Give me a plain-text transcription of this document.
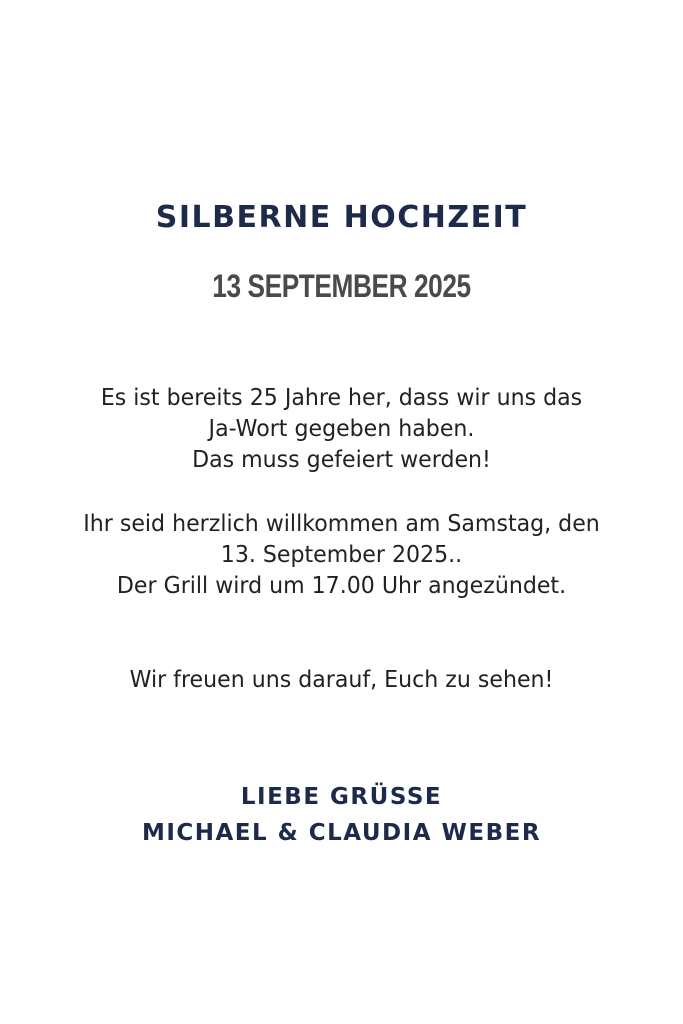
SILBERNE HOCHZEIT
13 SEPTEMBER 2025

Es ist bereits 25 Jahre her, dass wir uns das
Ja-Wort gegeben haben.
Das muss gefeiert werden!

Ihr seid herzlich willkommen am Samstag, den
13. September 2025..
Der Grill wird um 17.00 Uhr angezündet.

Wir freuen uns darauf, Euch zu sehen!

LIEBE GRÜSSE

MICHAEL & CLAUDIA WEBER
